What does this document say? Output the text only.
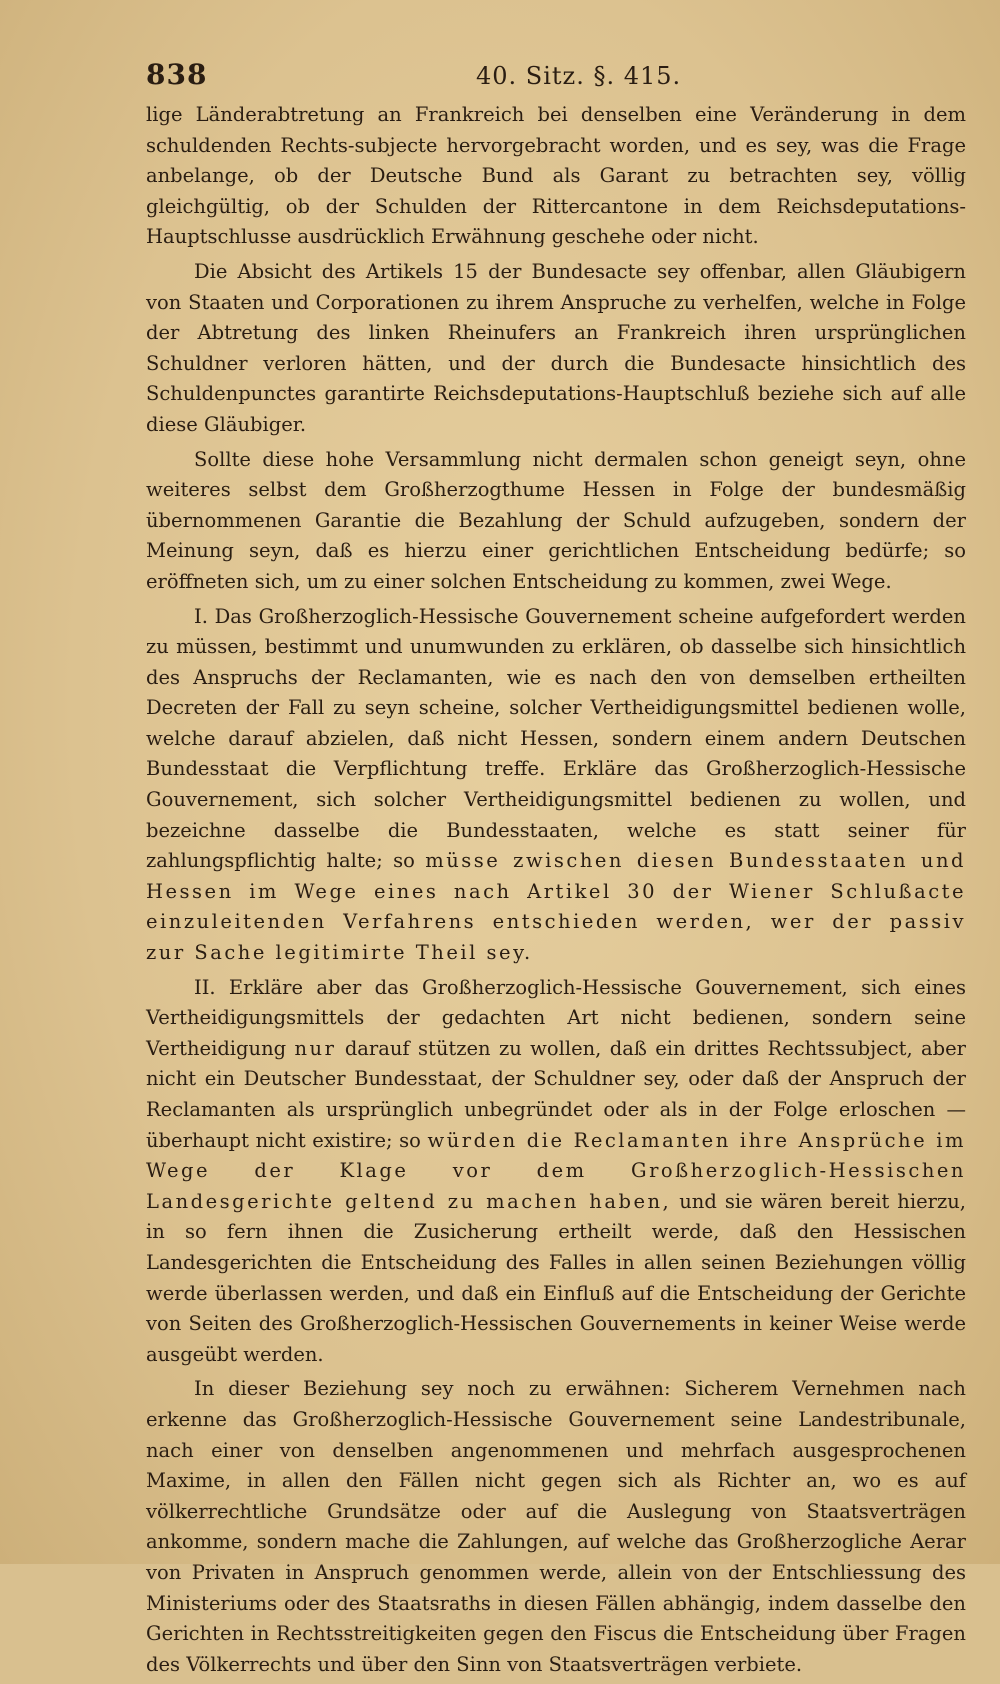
838	40. Sitz. §. 415.

lige Länderabtretung an Frankreich bei denselben eine Veränderung in dem schuldenden Rechts-subjecte hervorgebracht worden, und es sey, was die Frage anbelange, ob der Deutsche Bund als Garant zu betrachten sey, völlig gleichgültig, ob der Schulden der Rittercantone in dem Reichsdeputations-Hauptschlusse ausdrücklich Erwähnung geschehe oder nicht.

Die Absicht des Artikels 15 der Bundesacte sey offenbar, allen Gläubigern von Staaten und Corporationen zu ihrem Anspruche zu verhelfen, welche in Folge der Abtretung des linken Rheinufers an Frankreich ihren ursprünglichen Schuldner verloren hätten, und der durch die Bundesacte hinsichtlich des Schuldenpunctes garantirte Reichsdeputations-Hauptschluß beziehe sich auf alle diese Gläubiger.

Sollte diese hohe Versammlung nicht dermalen schon geneigt seyn, ohne weiteres selbst dem Großherzogthume Hessen in Folge der bundesmäßig übernommenen Garantie die Bezahlung der Schuld aufzugeben, sondern der Meinung seyn, daß es hierzu einer gerichtlichen Entscheidung bedürfe; so eröffneten sich, um zu einer solchen Entscheidung zu kommen, zwei Wege.

I. Das Großherzoglich-Hessische Gouvernement scheine aufgefordert werden zu müssen, bestimmt und unumwunden zu erklären, ob dasselbe sich hinsichtlich des Anspruchs der Reclamanten, wie es nach den von demselben ertheilten Decreten der Fall zu seyn scheine, solcher Vertheidigungsmittel bedienen wolle, welche darauf abzielen, daß nicht Hessen, sondern einem andern Deutschen Bundesstaat die Verpflichtung treffe. Erkläre das Großherzoglich-Hessische Gouvernement, sich solcher Vertheidigungsmittel bedienen zu wollen, und bezeichne dasselbe die Bundesstaaten, welche es statt seiner für zahlungspflichtig halte; so müsse zwischen diesen Bundesstaaten und Hessen im Wege eines nach Artikel 30 der Wiener Schlußacte einzuleitenden Verfahrens entschieden werden, wer der passiv zur Sache legitimirte Theil sey.

II. Erkläre aber das Großherzoglich-Hessische Gouvernement, sich eines Vertheidigungsmittels der gedachten Art nicht bedienen, sondern seine Vertheidigung nur darauf stützen zu wollen, daß ein drittes Rechtssubject, aber nicht ein Deutscher Bundesstaat, der Schuldner sey, oder daß der Anspruch der Reclamanten als ursprünglich unbegründet oder als in der Folge erloschen — überhaupt nicht existire; so würden die Reclamanten ihre Ansprüche im Wege der Klage vor dem Großherzoglich-Hessischen Landesgerichte geltend zu machen haben, und sie wären bereit hierzu, in so fern ihnen die Zusicherung ertheilt werde, daß den Hessischen Landesgerichten die Entscheidung des Falles in allen seinen Beziehungen völlig werde überlassen werden, und daß ein Einfluß auf die Entscheidung der Gerichte von Seiten des Großherzoglich-Hessischen Gouvernements in keiner Weise werde ausgeübt werden.

In dieser Beziehung sey noch zu erwähnen: Sicherem Vernehmen nach erkenne das Großherzoglich-Hessische Gouvernement seine Landestribunale, nach einer von denselben angenommenen und mehrfach ausgesprochenen Maxime, in allen den Fällen nicht gegen sich als Richter an, wo es auf völkerrechtliche Grundsätze oder auf die Auslegung von Staatsverträgen ankomme, sondern mache die Zahlungen, auf welche das Großherzogliche Aerar von Privaten in Anspruch genommen werde, allein von der Entschliessung des Ministeriums oder des Staatsraths in diesen Fällen abhängig, indem dasselbe den Gerichten in Rechtsstreitigkeiten gegen den Fiscus die Entscheidung über Fragen des Völkerrechts und über den Sinn von Staatsverträgen verbiete.
